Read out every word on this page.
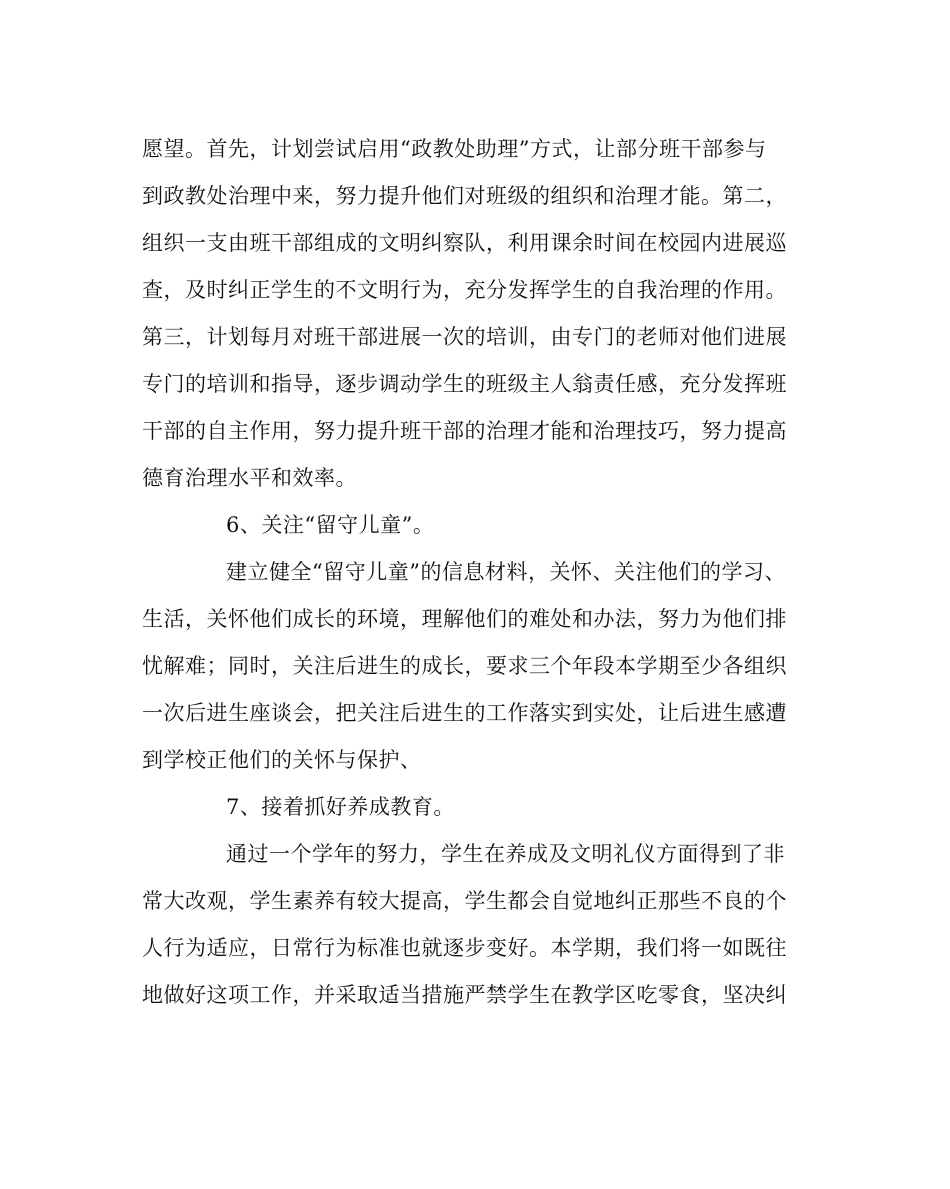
愿望。首先，计划尝试启用“政教处助理”方式，让部分班干部参与
到政教处治理中来，努力提升他们对班级的组织和治理才能。第二，
组织一支由班干部组成的文明纠察队，利用课余时间在校园内进展巡
查，及时纠正学生的不文明行为，充分发挥学生的自我治理的作用。
第三，计划每月对班干部进展一次的培训，由专门的老师对他们进展
专门的培训和指导，逐步调动学生的班级主人翁责任感，充分发挥班
干部的自主作用，努力提升班干部的治理才能和治理技巧，努力提高
德育治理水平和效率。
6、关注“留守儿童”。
建立健全“留守儿童”的信息材料，关怀、关注他们的学习、
生活，关怀他们成长的环境，理解他们的难处和办法，努力为他们排
忧解难；同时，关注后进生的成长，要求三个年段本学期至少各组织
一次后进生座谈会，把关注后进生的工作落实到实处，让后进生感遭
到学校正他们的关怀与保护、
7、接着抓好养成教育。
通过一个学年的努力，学生在养成及文明礼仪方面得到了非
常大改观，学生素养有较大提高，学生都会自觉地纠正那些不良的个
人行为适应，日常行为标准也就逐步变好。本学期，我们将一如既往
地做好这项工作，并采取适当措施严禁学生在教学区吃零食，坚决纠
